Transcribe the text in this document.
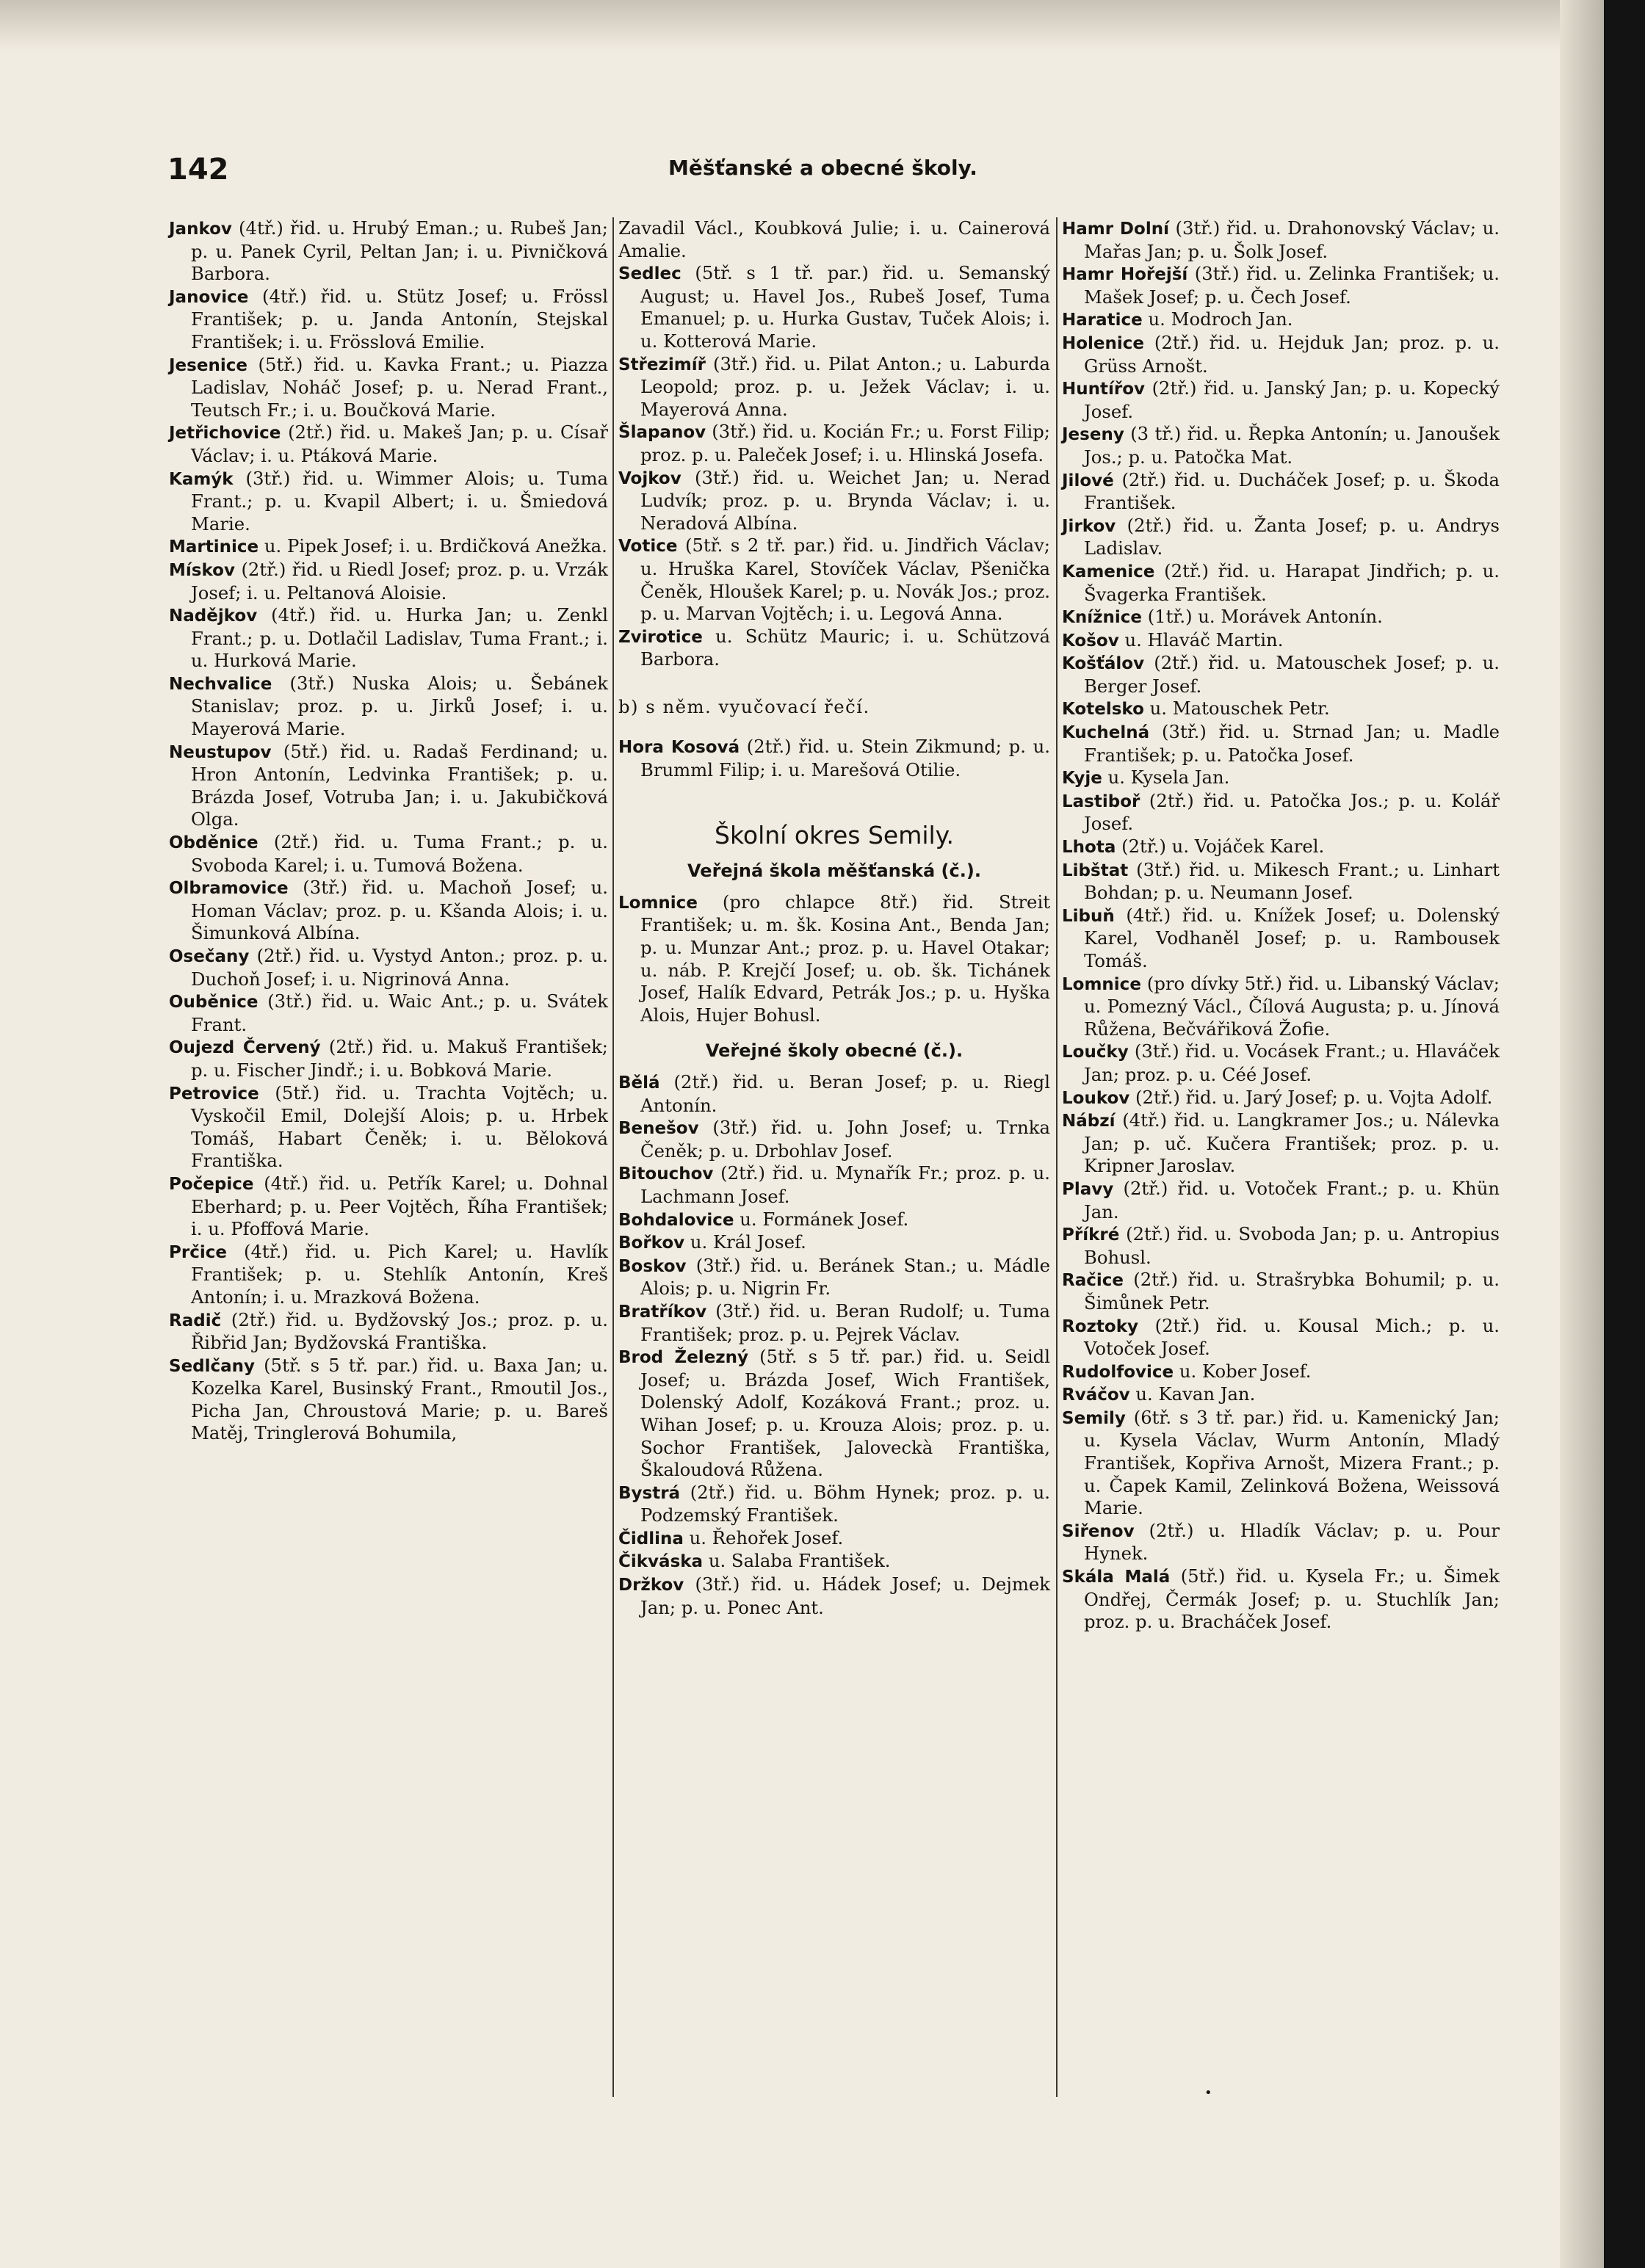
142	Měšťanské a obecné školy.

Jankov (4tř.) řid. u. Hrubý Eman.; u. Rubeš Jan; p. u. Panek Cyril, Peltan Jan; i. u. Pivničková Barbora.

Janovice (4tř.) řid. u. Stütz Josef; u. Frössl František; p. u. Janda Antonín, Stejskal František; i. u. Frösslová Emilie.

Jesenice (5tř.) řid. u. Kavka Frant.; u. Piazza Ladislav, Noháč Josef; p. u. Nerad Frant., Teutsch Fr.; i. u. Boučková Marie.

Jetřichovice (2tř.) řid. u. Makeš Jan; p. u. Císař Václav; i. u. Ptáková Marie.

Kamýk (3tř.) řid. u. Wimmer Alois; u. Tuma Frant.; p. u. Kvapil Albert; i. u. Šmiedová Marie.

Martinice u. Pipek Josef; i. u. Brdičková Anežka.

Mískov (2tř.) řid. u Riedl Josef; proz. p. u. Vrzák Josef; i. u. Peltanová Aloisie.

Nadějkov (4tř.) řid. u. Hurka Jan; u. Zenkl Frant.; p. u. Dotlačil Ladislav, Tuma Frant.; i. u. Hurková Marie.

Nechvalice (3tř.) Nuska Alois; u. Šebánek Stanislav; proz. p. u. Jirků Josef; i. u. Mayerová Marie.

Neustupov (5tř.) řid. u. Radaš Ferdinand; u. Hron Antonín, Ledvinka František; p. u. Brázda Josef, Votruba Jan; i. u. Jakubičková Olga.

Obděnice (2tř.) řid. u. Tuma Frant.; p. u. Svoboda Karel; i. u. Tumová Božena.

Olbramovice (3tř.) řid. u. Machoň Josef; u. Homan Václav; proz. p. u. Kšanda Alois; i. u. Šimunková Albína.

Osečany (2tř.) řid. u. Vystyd Anton.; proz. p. u. Duchoň Josef; i. u. Nigrinová Anna.

Ouběnice (3tř.) řid. u. Waic Ant.; p. u. Svátek Frant.

Oujezd Červený (2tř.) řid. u. Makuš František; p. u. Fischer Jindř.; i. u. Bobková Marie.

Petrovice (5tř.) řid. u. Trachta Vojtěch; u. Vyskočil Emil, Dolejší Alois; p. u. Hrbek Tomáš, Habart Čeněk; i. u. Běloková Františka.

Počepice (4tř.) řid. u. Petřík Karel; u. Dohnal Eberhard; p. u. Peer Vojtěch, Říha František; i. u. Pfoffová Marie.

Prčice (4tř.) řid. u. Pich Karel; u. Havlík František; p. u. Stehlík Antonín, Kreš Antonín; i. u. Mrazková Božena.

Radič (2tř.) řid. u. Bydžovský Jos.; proz. p. u. Řibřid Jan; Bydžovská Františka.

Sedlčany (5tř. s 5 tř. par.) řid. u. Baxa Jan; u. Kozelka Karel, Businský Frant., Rmoutil Jos., Picha Jan, Chroustová Marie; p. u. Bareš Matěj, Tringlerová Bohumila,

Zavadil Václ., Koubková Julie; i. u. Cainerová Amalie.

Sedlec (5tř. s 1 tř. par.) řid. u. Semanský August; u. Havel Jos., Rubeš Josef, Tuma Emanuel; p. u. Hurka Gustav, Tuček Alois; i. u. Kotterová Marie.

Střezimíř (3tř.) řid. u. Pilat Anton.; u. Laburda Leopold; proz. p. u. Ježek Václav; i. u. Mayerová Anna.

Šlapanov (3tř.) řid. u. Kocián Fr.; u. Forst Filip; proz. p. u. Paleček Josef; i. u. Hlinská Josefa.

Vojkov (3tř.) řid. u. Weichet Jan; u. Nerad Ludvík; proz. p. u. Brynda Václav; i. u. Neradová Albína.

Votice (5tř. s 2 tř. par.) řid. u. Jindřich Václav; u. Hruška Karel, Stovíček Václav, Pšenička Čeněk, Hloušek Karel; p. u. Novák Jos.; proz. p. u. Marvan Vojtěch; i. u. Legová Anna.

Zvirotice u. Schütz Mauric; i. u. Schützová Barbora.

b) s něm. vyučovací řečí.

Hora Kosová (2tř.) řid. u. Stein Zikmund; p. u. Brumml Filip; i. u. Marešová Otilie.

Školní okres Semily.
Veřejná škola měšťanská (č.).

Lomnice (pro chlapce 8tř.) řid. Streit František; u. m. šk. Kosina Ant., Benda Jan; p. u. Munzar Ant.; proz. p. u. Havel Otakar; u. náb. P. Krejčí Josef; u. ob. šk. Tichánek Josef, Halík Edvard, Petrák Jos.; p. u. Hyška Alois, Hujer Bohusl.

Veřejné školy obecné (č.).

Bělá (2tř.) řid. u. Beran Josef; p. u. Riegl Antonín.

Benešov (3tř.) řid. u. John Josef; u. Trnka Čeněk; p. u. Drbohlav Josef.

Bitouchov (2tř.) řid. u. Mynařík Fr.; proz. p. u. Lachmann Josef.

Bohdalovice u. Formánek Josef.

Bořkov u. Král Josef.

Boskov (3tř.) řid. u. Beránek Stan.; u. Mádle Alois; p. u. Nigrin Fr.

Bratříkov (3tř.) řid. u. Beran Rudolf; u. Tuma František; proz. p. u. Pejrek Václav.

Brod Železný (5tř. s 5 tř. par.) řid. u. Seidl Josef; u. Brázda Josef, Wich František, Dolenský Adolf, Kozáková Frant.; proz. u. Wihan Josef; p. u. Krouza Alois; proz. p. u. Sochor František, Jaloveckà Františka, Škaloudová Růžena.

Bystrá (2tř.) řid. u. Böhm Hynek; proz. p. u. Podzemský František.

Čidlina u. Řehořek Josef.

Čikváska u. Salaba František.

Držkov (3tř.) řid. u. Hádek Josef; u. Dejmek Jan; p. u. Ponec Ant.

Hamr Dolní (3tř.) řid. u. Drahonovský Václav; u. Mařas Jan; p. u. Šolk Josef.

Hamr Hořejší (3tř.) řid. u. Zelinka František; u. Mašek Josef; p. u. Čech Josef.

Haratice u. Modroch Jan.

Holenice (2tř.) řid. u. Hejduk Jan; proz. p. u. Grüss Arnošt.

Huntířov (2tř.) řid. u. Janský Jan; p. u. Kopecký Josef.

Jeseny (3 tř.) řid. u. Řepka Antonín; u. Janoušek Jos.; p. u. Patočka Mat.

Jilové (2tř.) řid. u. Ducháček Josef; p. u. Škoda František.

Jirkov (2tř.) řid. u. Žanta Josef; p. u. Andrys Ladislav.

Kamenice (2tř.) řid. u. Harapat Jindřich; p. u. Švagerka František.

Knížnice (1tř.) u. Morávek Antonín.

Košov u. Hlaváč Martin.

Košťálov (2tř.) řid. u. Matouschek Josef; p. u. Berger Josef.

Kotelsko u. Matouschek Petr.

Kuchelná (3tř.) řid. u. Strnad Jan; u. Madle František; p. u. Patočka Josef.

Kyje u. Kysela Jan.

Lastiboř (2tř.) řid. u. Patočka Jos.; p. u. Kolář Josef.

Lhota (2tř.) u. Vojáček Karel.

Libštat (3tř.) řid. u. Mikesch Frant.; u. Linhart Bohdan; p. u. Neumann Josef.

Libuň (4tř.) řid. u. Knížek Josef; u. Dolenský Karel, Vodhaněl Josef; p. u. Rambousek Tomáš.

Lomnice (pro dívky 5tř.) řid. u. Libanský Václav; u. Pomezný Václ., Čílová Augusta; p. u. Jínová Růžena, Bečvářiková Žofie.

Loučky (3tř.) řid. u. Vocásek Frant.; u. Hlaváček Jan; proz. p. u. Céé Josef.

Loukov (2tř.) řid. u. Jarý Josef; p. u. Vojta Adolf.

Nábzí (4tř.) řid. u. Langkramer Jos.; u. Nálevka Jan; p. uč. Kučera František; proz. p. u. Kripner Jaroslav.

Plavy (2tř.) řid. u. Votoček Frant.; p. u. Khün Jan.

Příkré (2tř.) řid. u. Svoboda Jan; p. u. Antropius Bohusl.

Račice (2tř.) řid. u. Strašrybka Bohumil; p. u. Šimůnek Petr.

Roztoky (2tř.) řid. u. Kousal Mich.; p. u. Votoček Josef.

Rudolfovice u. Kober Josef.

Rváčov u. Kavan Jan.

Semily (6tř. s 3 tř. par.) řid. u. Kamenický Jan; u. Kysela Václav, Wurm Antonín, Mladý František, Kopřiva Arnošt, Mizera Frant.; p. u. Čapek Kamil, Zelinková Božena, Weissová Marie.

Siřenov (2tř.) u. Hladík Václav; p. u. Pour Hynek.

Skála Malá (5tř.) řid. u. Kysela Fr.; u. Šimek Ondřej, Čermák Josef; p. u. Stuchlík Jan; proz. p. u. Bracháček Josef.

•
